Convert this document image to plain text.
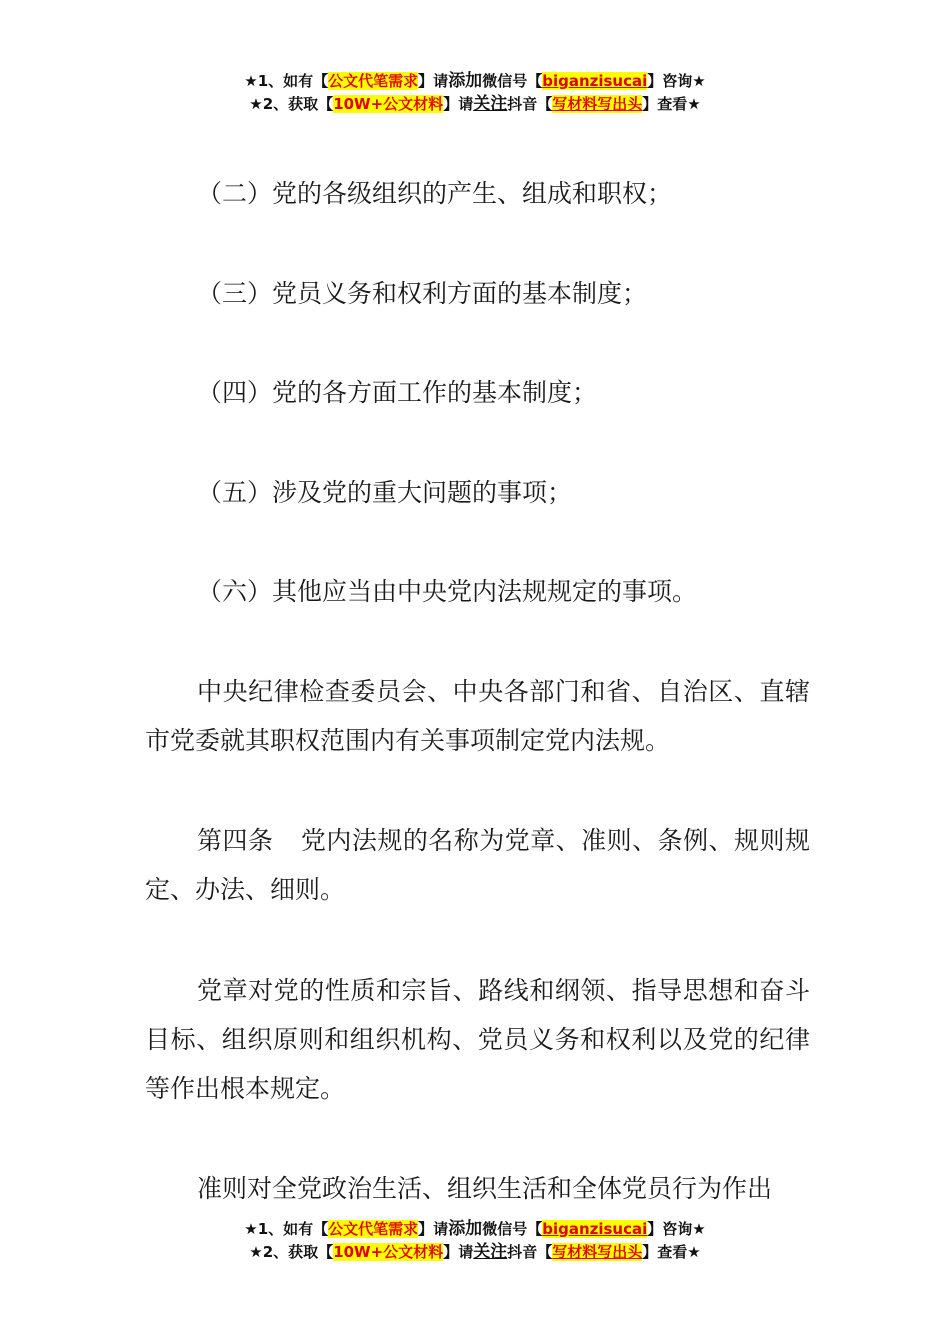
★1、如有【公文代笔需求】请添加微信号【biganzisucai】咨询★
★2、获取【10W+公文材料】请关注抖音【写材料写出头】查看★

（二）党的各级组织的产生、组成和职权；

（三）党员义务和权利方面的基本制度；

（四）党的各方面工作的基本制度；

（五）涉及党的重大问题的事项；

（六）其他应当由中央党内法规规定的事项。

中央纪律检查委员会、中央各部门和省、自治区、直辖市党委就其职权范围内有关事项制定党内法规。

第四条 党内法规的名称为党章、准则、条例、规则规定、办法、细则。

党章对党的性质和宗旨、路线和纲领、指导思想和奋斗目标、组织原则和组织机构、党员义务和权利以及党的纪律等作出根本规定。

准则对全党政治生活、组织生活和全体党员行为作出

★1、如有【公文代笔需求】请添加微信号【biganzisucai】咨询★
★2、获取【10W+公文材料】请关注抖音【写材料写出头】查看★
